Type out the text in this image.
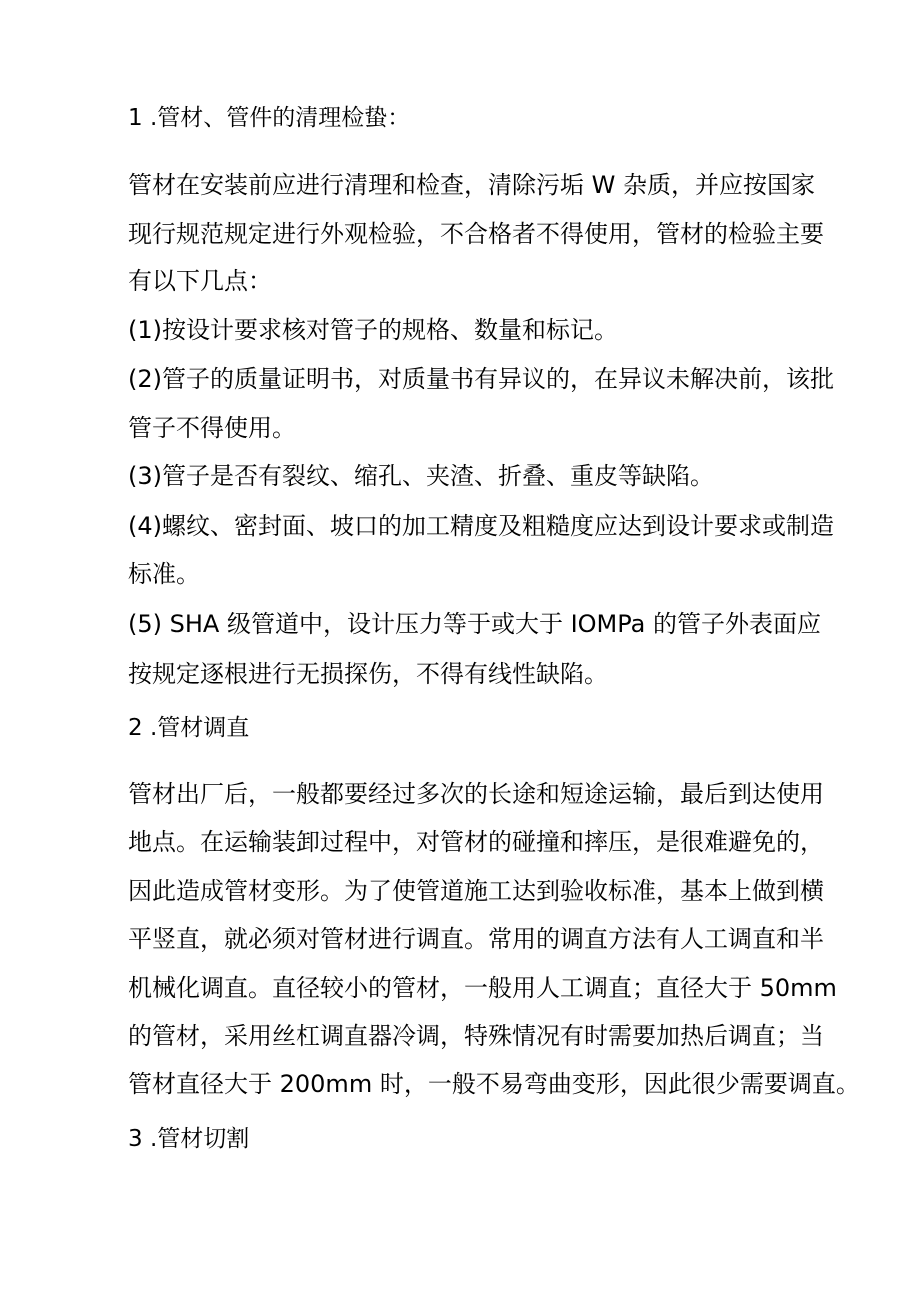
1 .管材、管件的清理检蛰：
管材在安装前应进行清理和检查，清除污垢 W 杂质，并应按国家
现行规范规定进行外观检验，不合格者不得使用，管材的检验主要
有以下几点：
(1)按设计要求核对管子的规格、数量和标记。
(2)管子的质量证明书，对质量书有异议的，在异议未解决前，该批
管子不得使用。
(3)管子是否有裂纹、缩孔、夹渣、折叠、重皮等缺陷。
(4)螺纹、密封面、坡口的加工精度及粗糙度应达到设计要求或制造
标准。
(5) SHA 级管道中，设计压力等于或大于 IOMPa 的管子外表面应
按规定逐根进行无损探伤，不得有线性缺陷。
2 .管材调直
管材出厂后，一般都要经过多次的长途和短途运输，最后到达使用
地点。在运输装卸过程中，对管材的碰撞和摔压，是很难避免的，
因此造成管材变形。为了使管道施工达到验收标准，基本上做到横
平竖直，就必须对管材进行调直。常用的调直方法有人工调直和半
机械化调直。直径较小的管材，一般用人工调直；直径大于 50mm
的管材，采用丝杠调直器冷调，特殊情况有时需要加热后调直；当
管材直径大于 200mm 时，一般不易弯曲变形，因此很少需要调直。
3 .管材切割
